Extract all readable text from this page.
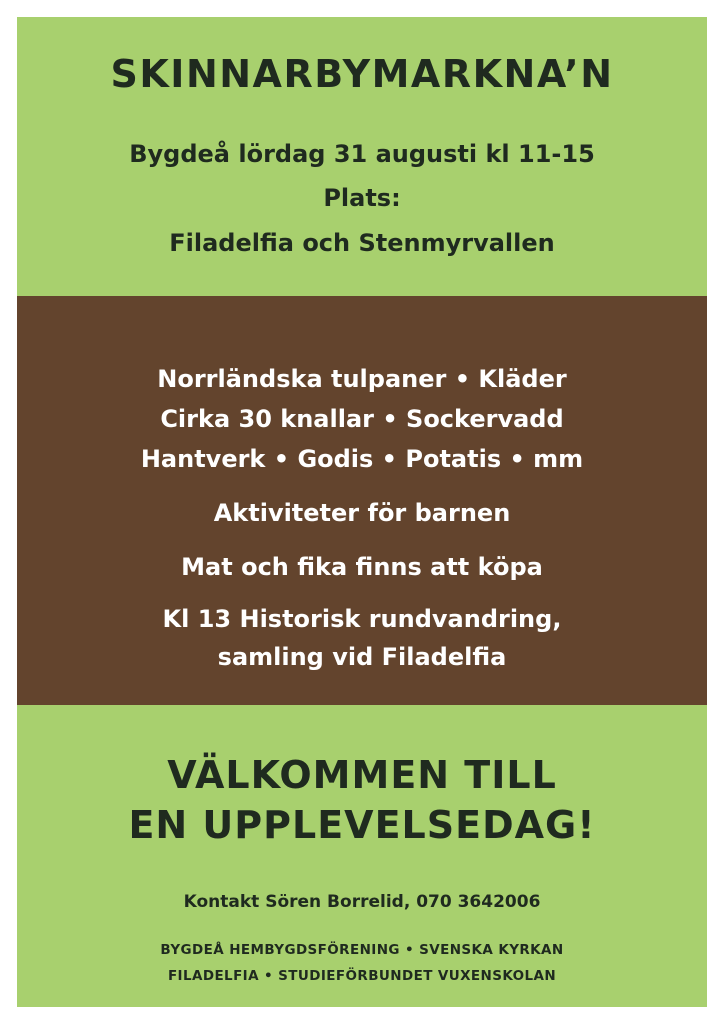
SKINNARBYMARKNA’N
Bygdeå lördag 31 augusti kl 11-15
Plats:
Filadelfia och Stenmyrvallen
Norrländska tulpaner • Kläder
Cirka 30 knallar • Sockervadd
Hantverk • Godis • Potatis • mm
Aktiviteter för barnen
Mat och fika finns att köpa
Kl 13 Historisk rundvandring,
samling vid Filadelfia
VÄLKOMMEN TILL
EN UPPLEVELSEDAG!
Kontakt Sören Borrelid, 070 3642006
BYGDEÅ HEMBYGDSFÖRENING • SVENSKA KYRKAN
FILADELFIA • STUDIEFÖRBUNDET VUXENSKOLAN
